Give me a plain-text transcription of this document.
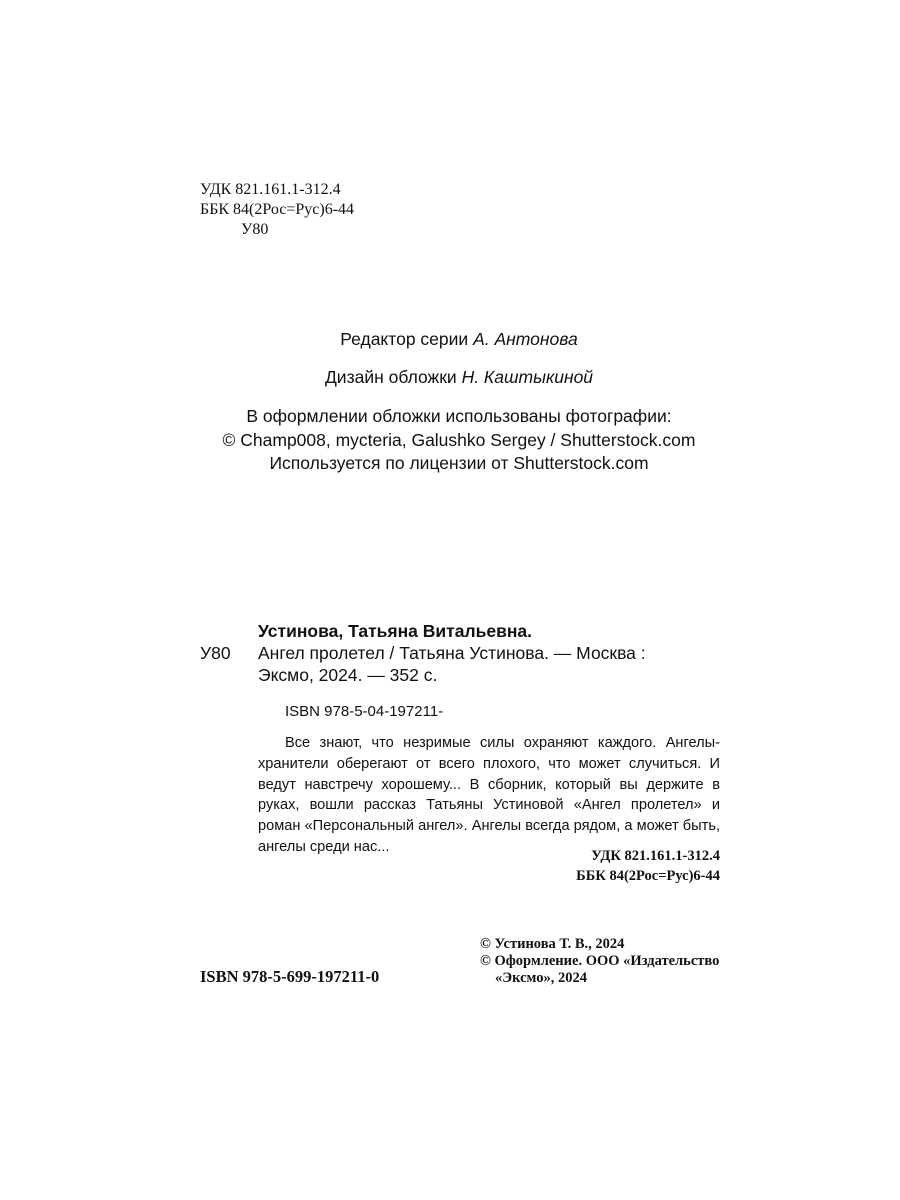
УДК 821.161.1-312.4
ББК 84(2Рос=Рус)6-44
У80
Редактор серии А. Антонова
Дизайн обложки Н. Каштыкиной
В оформлении обложки использованы фотографии:
© Champ008, mycteria, Galushko Sergey / Shutterstock.com
Используется по лицензии от Shutterstock.com
Устинова, Татьяна Витальевна.
У80 Ангел пролетел / Татьяна Устинова. — Москва :
Эксмо, 2024. — 352 с.
ISBN 978-5-04-197211-

Все знают, что незримые силы охраняют каждого. Ангелы-хранители оберегают от всего плохого, что может случиться. И ведут навстречу хорошему... В сборник, который вы держите в руках, вошли рассказ Татьяны Устиновой «Ангел пролетел» и роман «Персональный ангел». Ангелы всегда рядом, а может быть, ангелы среди нас...

УДК 821.161.1-312.4
ББК 84(2Рос=Рус)6-44
© Устинова Т. В., 2024
© Оформление. ООО «Издательство
«Эксмо», 2024
ISBN 978-5-699-197211-0
